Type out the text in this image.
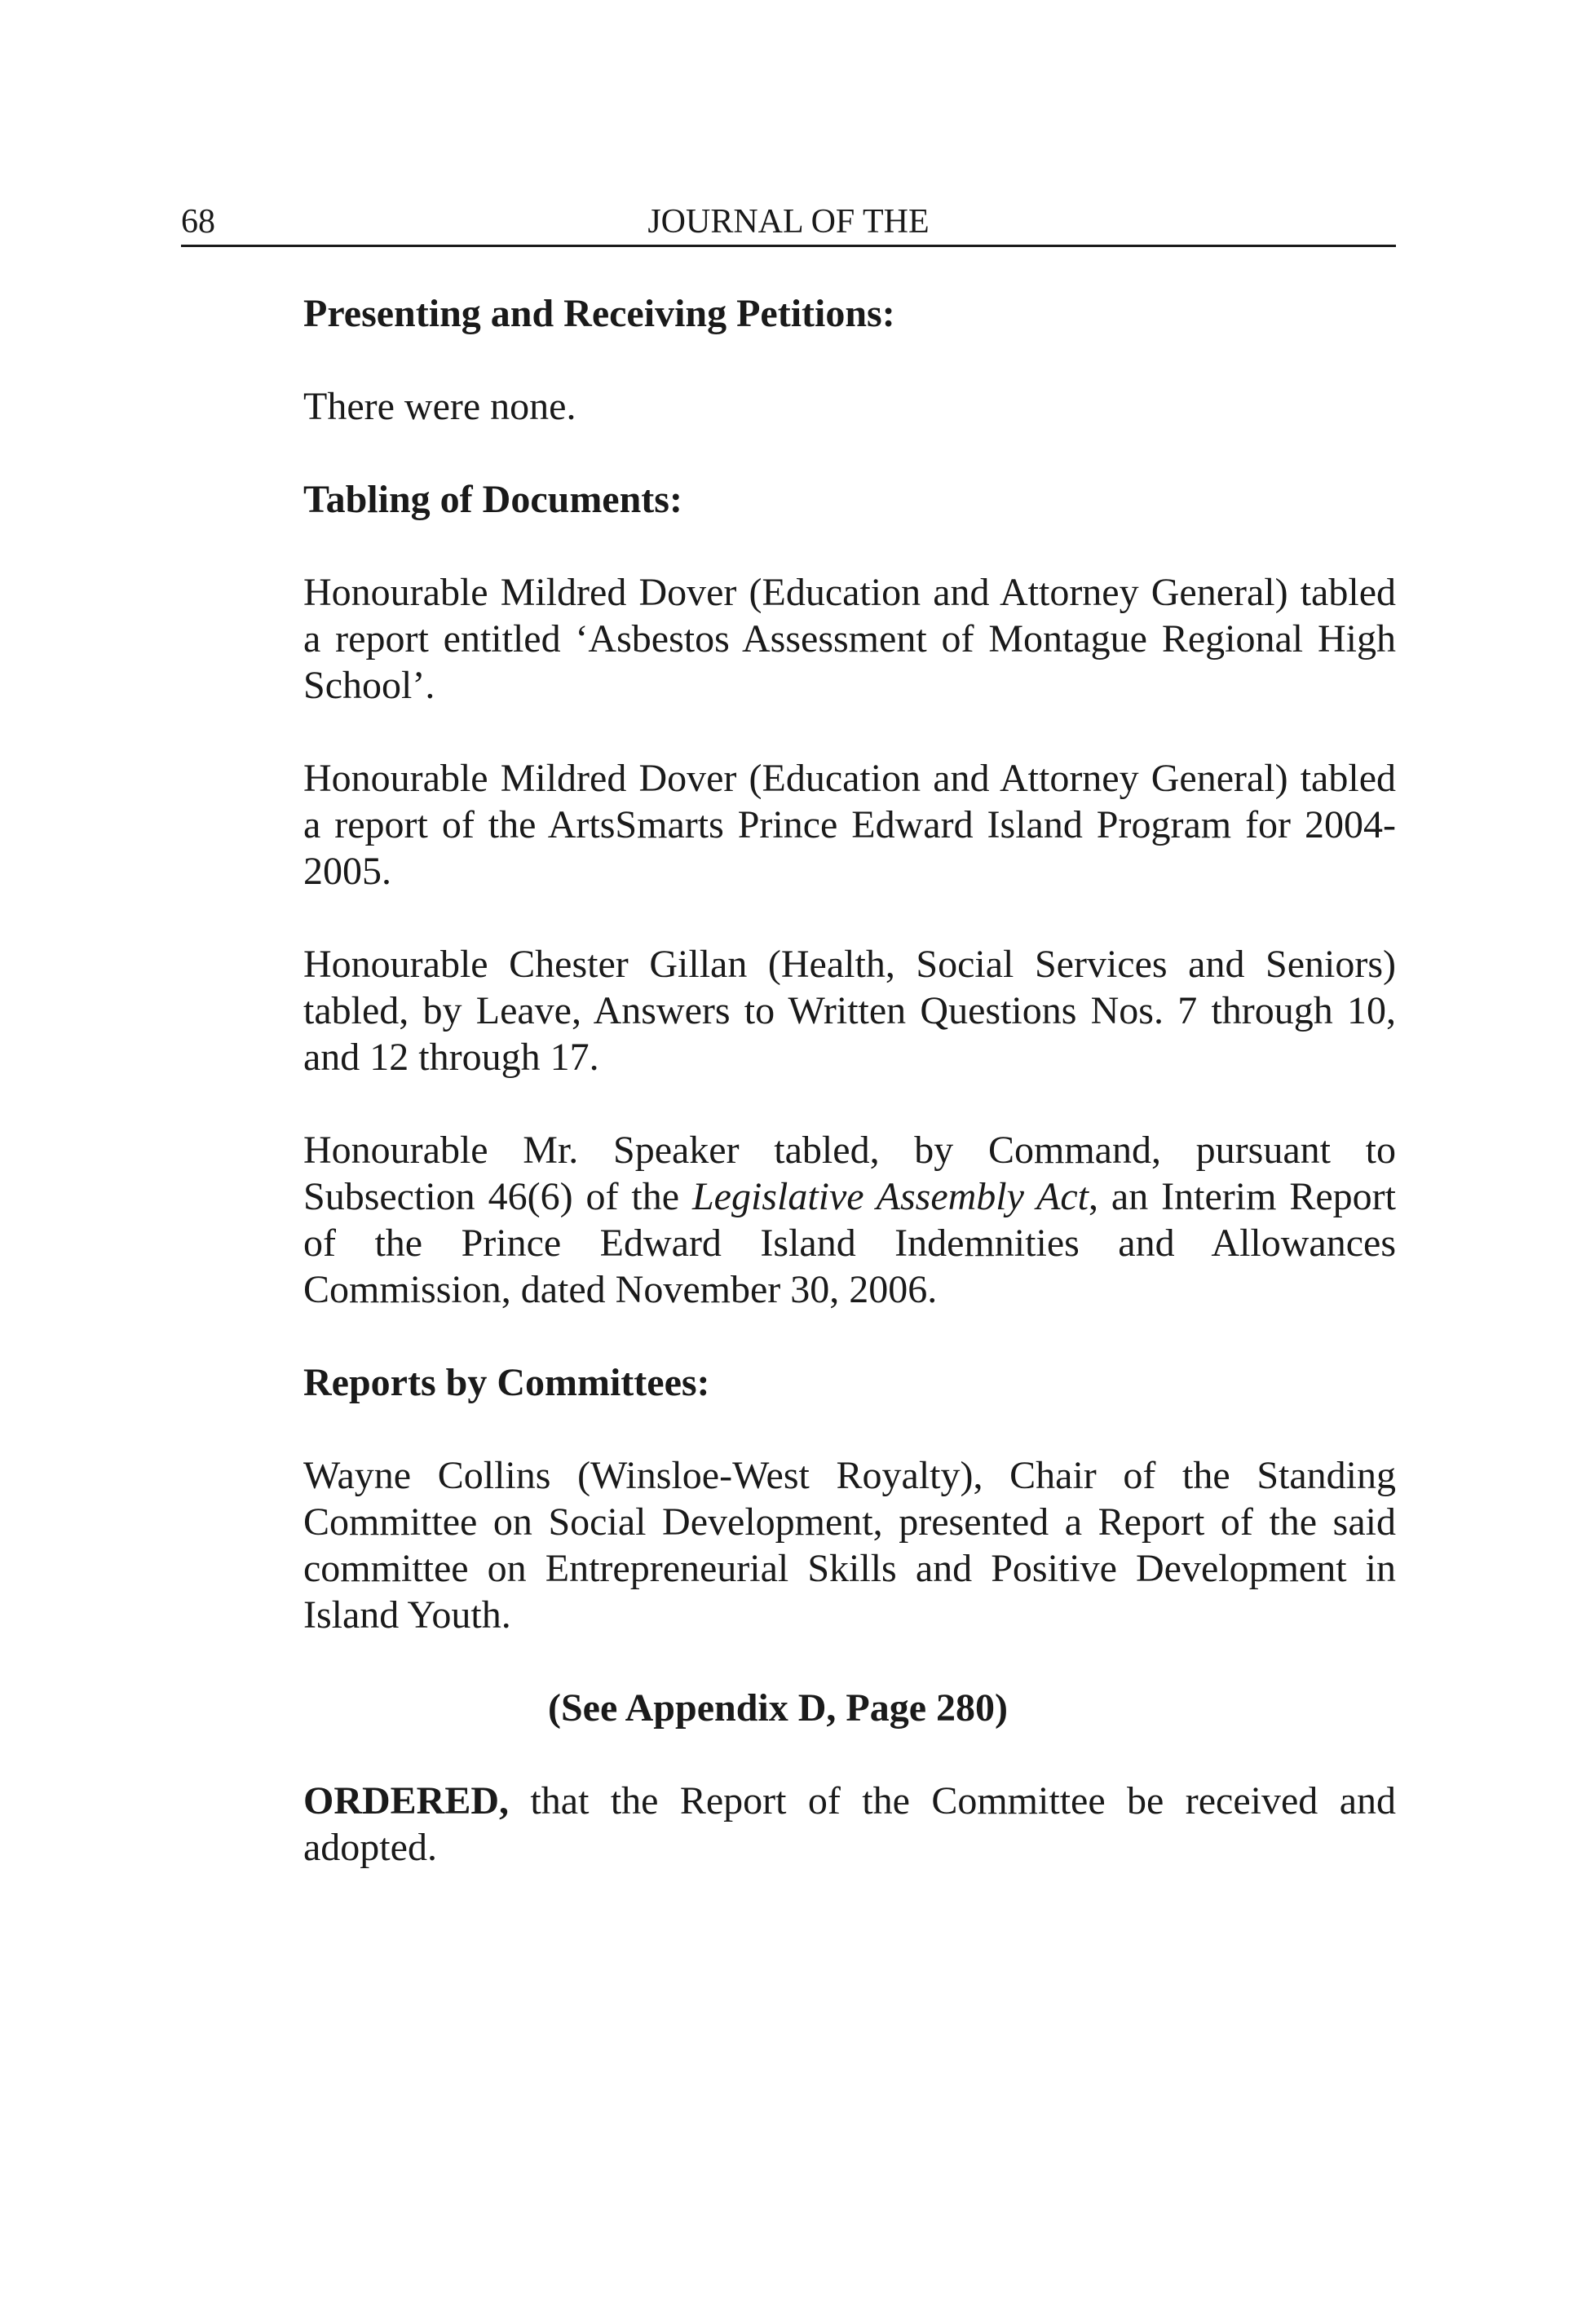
68	JOURNAL OF THE
Presenting and Receiving Petitions:
There were none.
Tabling of Documents:
Honourable Mildred Dover (Education and Attorney General) tabled a report entitled ‘Asbestos Assessment of Montague Regional High School’.
Honourable Mildred Dover (Education and Attorney General) tabled a report of the ArtsSmarts Prince Edward Island Program for 2004-2005.
Honourable Chester Gillan (Health, Social Services and Seniors) tabled, by Leave, Answers to Written Questions Nos. 7 through 10, and 12 through 17.
Honourable Mr. Speaker tabled, by Command, pursuant to Subsection 46(6) of the Legislative Assembly Act, an Interim Report of the Prince Edward Island Indemnities and Allowances Commission, dated November 30, 2006.
Reports by Committees:
Wayne Collins (Winsloe-West Royalty), Chair of the Standing Committee on Social Development, presented a Report of the said committee on Entrepreneurial Skills and Positive Development in Island Youth.
(See Appendix D, Page 280)
ORDERED, that the Report of the Committee be received and adopted.
